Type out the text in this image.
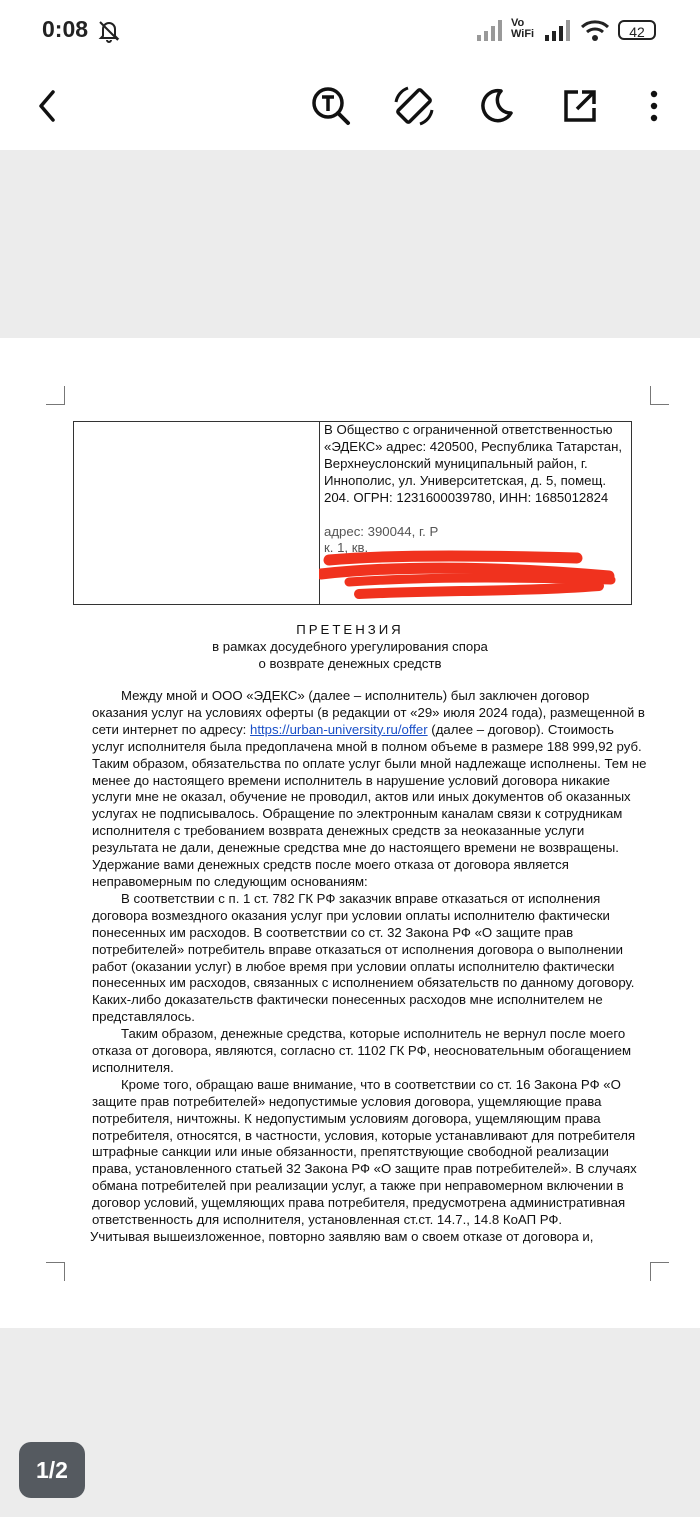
0:08	Vo
WiFi	42
В Общество с ограниченной ответственностью «ЭДЕКС» адрес: 420500, Республика Татарстан, Верхнеуслонский муниципальный район, г. Иннополис, ул. Университетская, д. 5, помещ. 204. ОГРН: 1231600039780, ИНН: 1685012824
адрес: 390044, г. Р
к. 1, кв.
ПРЕТЕНЗИЯ
в рамках досудебного урегулирования спора
о возврате денежных средств

Между мной и ООО «ЭДЕКС» (далее – исполнитель) был заключен договор оказания услуг на условиях оферты (в редакции от «29» июля 2024 года), размещенной в сети интернет по адресу: https://urban-university.ru/offer (далее – договор). Стоимость услуг исполнителя была предоплачена мной в полном объеме в размере 188 999,92 руб. Таким образом, обязательства по оплате услуг были мной надлежаще исполнены. Тем не менее до настоящего времени исполнитель в нарушение условий договора никакие услуги мне не оказал, обучение не проводил, актов или иных документов об оказанных услугах не подписывалось. Обращение по электронным каналам связи к сотрудникам исполнителя с требованием возврата денежных средств за неоказанные услуги результата не дали, денежные средства мне до настоящего времени не возвращены. Удержание вами денежных средств после моего отказа от договора является неправомерным по следующим основаниям:

В соответствии с п. 1 ст. 782 ГК РФ заказчик вправе отказаться от исполнения договора возмездного оказания услуг при условии оплаты исполнителю фактически понесенных им расходов. В соответствии со ст. 32 Закона РФ «О защите прав потребителей» потребитель вправе отказаться от исполнения договора о выполнении работ (оказании услуг) в любое время при условии оплаты исполнителю фактически понесенных им расходов, связанных с исполнением обязательств по данному договору. Каких-либо доказательств фактически понесенных расходов мне исполнителем не представлялось.

Таким образом, денежные средства, которые исполнитель не вернул после моего отказа от договора, являются, согласно ст. 1102 ГК РФ, неосновательным обогащением исполнителя.

Кроме того, обращаю ваше внимание, что в соответствии со ст. 16 Закона РФ «О защите прав потребителей» недопустимые условия договора, ущемляющие права потребителя, ничтожны. К недопустимым условиям договора, ущемляющим права потребителя, относятся, в частности, условия, которые устанавливают для потребителя штрафные санкции или иные обязанности, препятствующие свободной реализации права, установленного статьей 32 Закона РФ «О защите прав потребителей». В случаях обмана потребителей при реализации услуг, а также при неправомерном включении в договор условий, ущемляющих права потребителя, предусмотрена административная ответственность для исполнителя, установленная ст.ст. 14.7., 14.8 КоАП РФ.

Учитывая вышеизложенное, повторно заявляю вам о своем отказе от договора и,

1/2
